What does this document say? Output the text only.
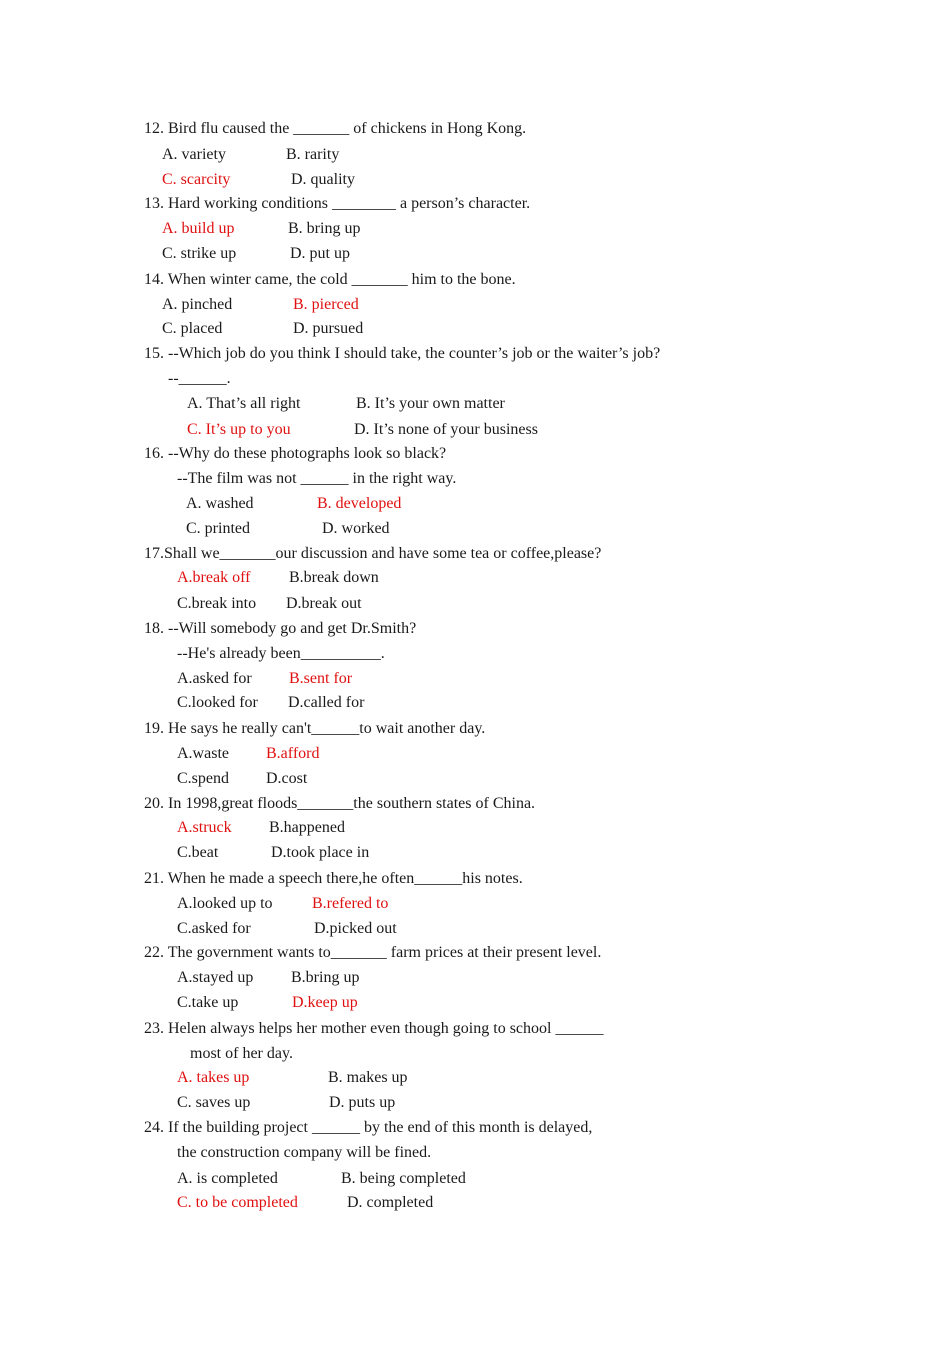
12. Bird flu caused the _______ of chickens in Hong Kong.
A. variety	B. rarity
C. scarcity	D. quality
13. Hard working conditions ________ a person’s character.
A. build up	B. bring up
C. strike up	D. put up
14. When winter came, the cold _______ him to the bone.
A. pinched	B. pierced
C. placed	D. pursued
15. --Which job do you think I should take, the counter’s job or the waiter’s job?
--______.
A. That’s all right	B. It’s your own matter
C. It’s up to you	D. It’s none of your business
16. --Why do these photographs look so black?
--The film was not ______ in the right way.
A. washed	B. developed
C. printed	D. worked
17.Shall we_______our discussion and have some tea or coffee,please?
A.break off B.break down
C.break into D.break out
18. --Will somebody go and get Dr.Smith?
--He's already been__________.
A.asked for B.sent for
C.looked for D.called for
19. He says he really can't______to wait another day.
A.waste B.afford
C.spend D.cost
20. In 1998,great floods_______the southern states of China.
A.struck B.happened
C.beat	D.took place in
21. When he made a speech there,he often______his notes.
A.looked up to B.refered to
C.asked for	D.picked out
22. The government wants to_______ farm prices at their present level.
A.stayed up B.bring up
C.take up	D.keep up
23. Helen always helps her mother even though going to school ______
most of her day.
A. takes up	B. makes up
C. saves up	D. puts up
24. If the building project ______ by the end of this month is delayed,
the construction company will be fined.
A. is completed	B. being completed
C. to be completed	D. completed
